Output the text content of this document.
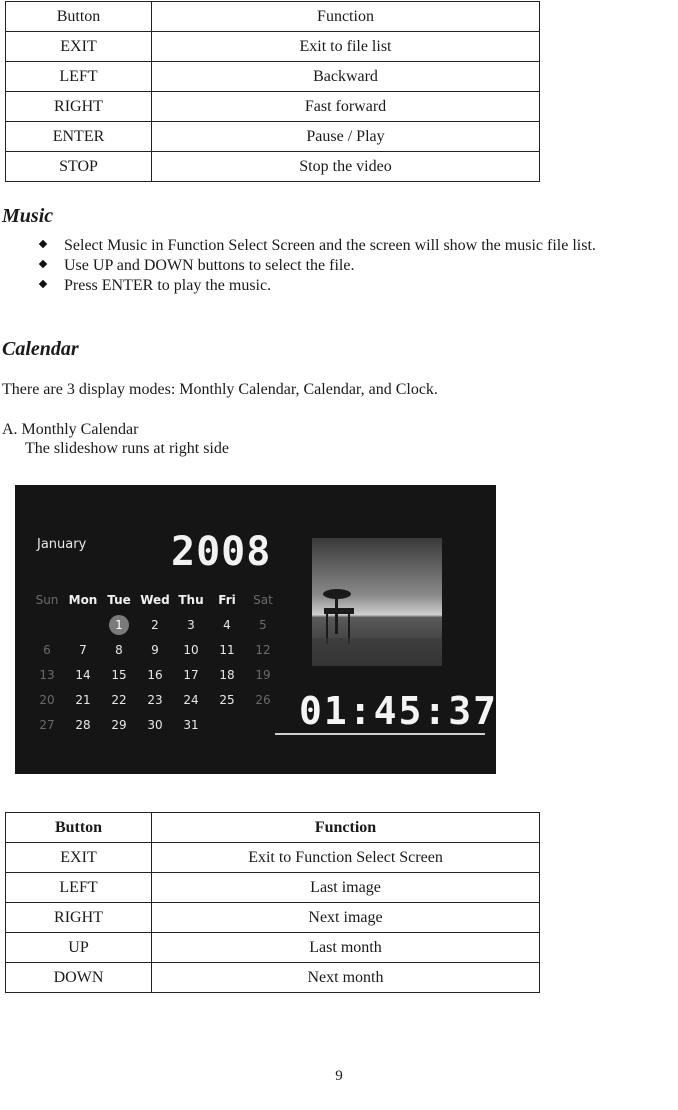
Button	Function
EXIT	Exit to file list
LEFT	Backward
RIGHT	Fast forward
ENTER	Pause / Play
STOP	Stop the video
Music
Select Music in Function Select Screen and the screen will show the music file list.
Use UP and DOWN buttons to select the file.
Press ENTER to play the music.
Calendar

There are 3 display modes: Monthly Calendar, Calendar, and Clock.

A. Monthly Calendar

The slideshow runs at right side

January 2008
Sun	Mon	Tue	Wed	Thu	Fri	Sat
		1	2	3	4	5
6	7	8	9	10	11	12
13	14	15	16	17	18	19
20	21	22	23	24	25	26
27	28	29	30	31			01:45:37
Button	Function
EXIT	Exit to Function Select Screen
LEFT	Last image
RIGHT	Next image
UP	Last month
DOWN	Next month

9
